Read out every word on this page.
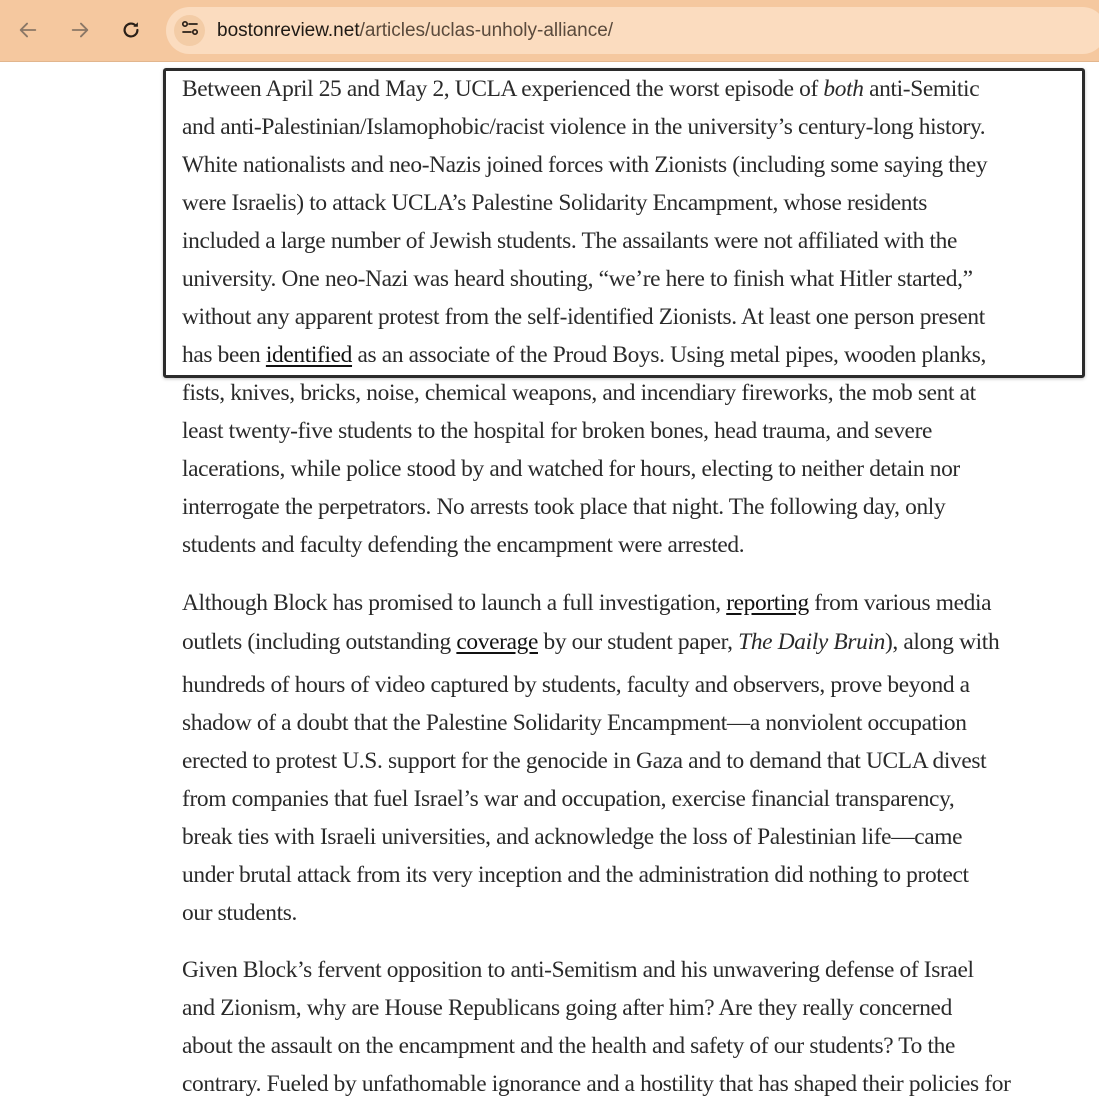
bostonreview.net/articles/uclas-unholy-alliance/
Between April 25 and May 2, UCLA experienced the worst episode of both anti-Semitic
and anti-Palestinian/Islamophobic/racist violence in the university’s century-long history.
White nationalists and neo-Nazis joined forces with Zionists (including some saying they
were Israelis) to attack UCLA’s Palestine Solidarity Encampment, whose residents
included a large number of Jewish students. The assailants were not affiliated with the
university. One neo-Nazi was heard shouting, “we’re here to finish what Hitler started,”
without any apparent protest from the self-identified Zionists. At least one person present
has been identified as an associate of the Proud Boys. Using metal pipes, wooden planks,
fists, knives, bricks, noise, chemical weapons, and incendiary fireworks, the mob sent at
least twenty-five students to the hospital for broken bones, head trauma, and severe
lacerations, while police stood by and watched for hours, electing to neither detain nor
interrogate the perpetrators. No arrests took place that night. The following day, only
students and faculty defending the encampment were arrested.
Although Block has promised to launch a full investigation, reporting from various media
outlets (including outstanding coverage by our student paper, The Daily Bruin), along with
hundreds of hours of video captured by students, faculty and observers, prove beyond a
shadow of a doubt that the Palestine Solidarity Encampment—a nonviolent occupation
erected to protest U.S. support for the genocide in Gaza and to demand that UCLA divest
from companies that fuel Israel’s war and occupation, exercise financial transparency,
break ties with Israeli universities, and acknowledge the loss of Palestinian life—came
under brutal attack from its very inception and the administration did nothing to protect
our students.
Given Block’s fervent opposition to anti-Semitism and his unwavering defense of Israel
and Zionism, why are House Republicans going after him? Are they really concerned
about the assault on the encampment and the health and safety of our students? To the
contrary. Fueled by unfathomable ignorance and a hostility that has shaped their policies for
